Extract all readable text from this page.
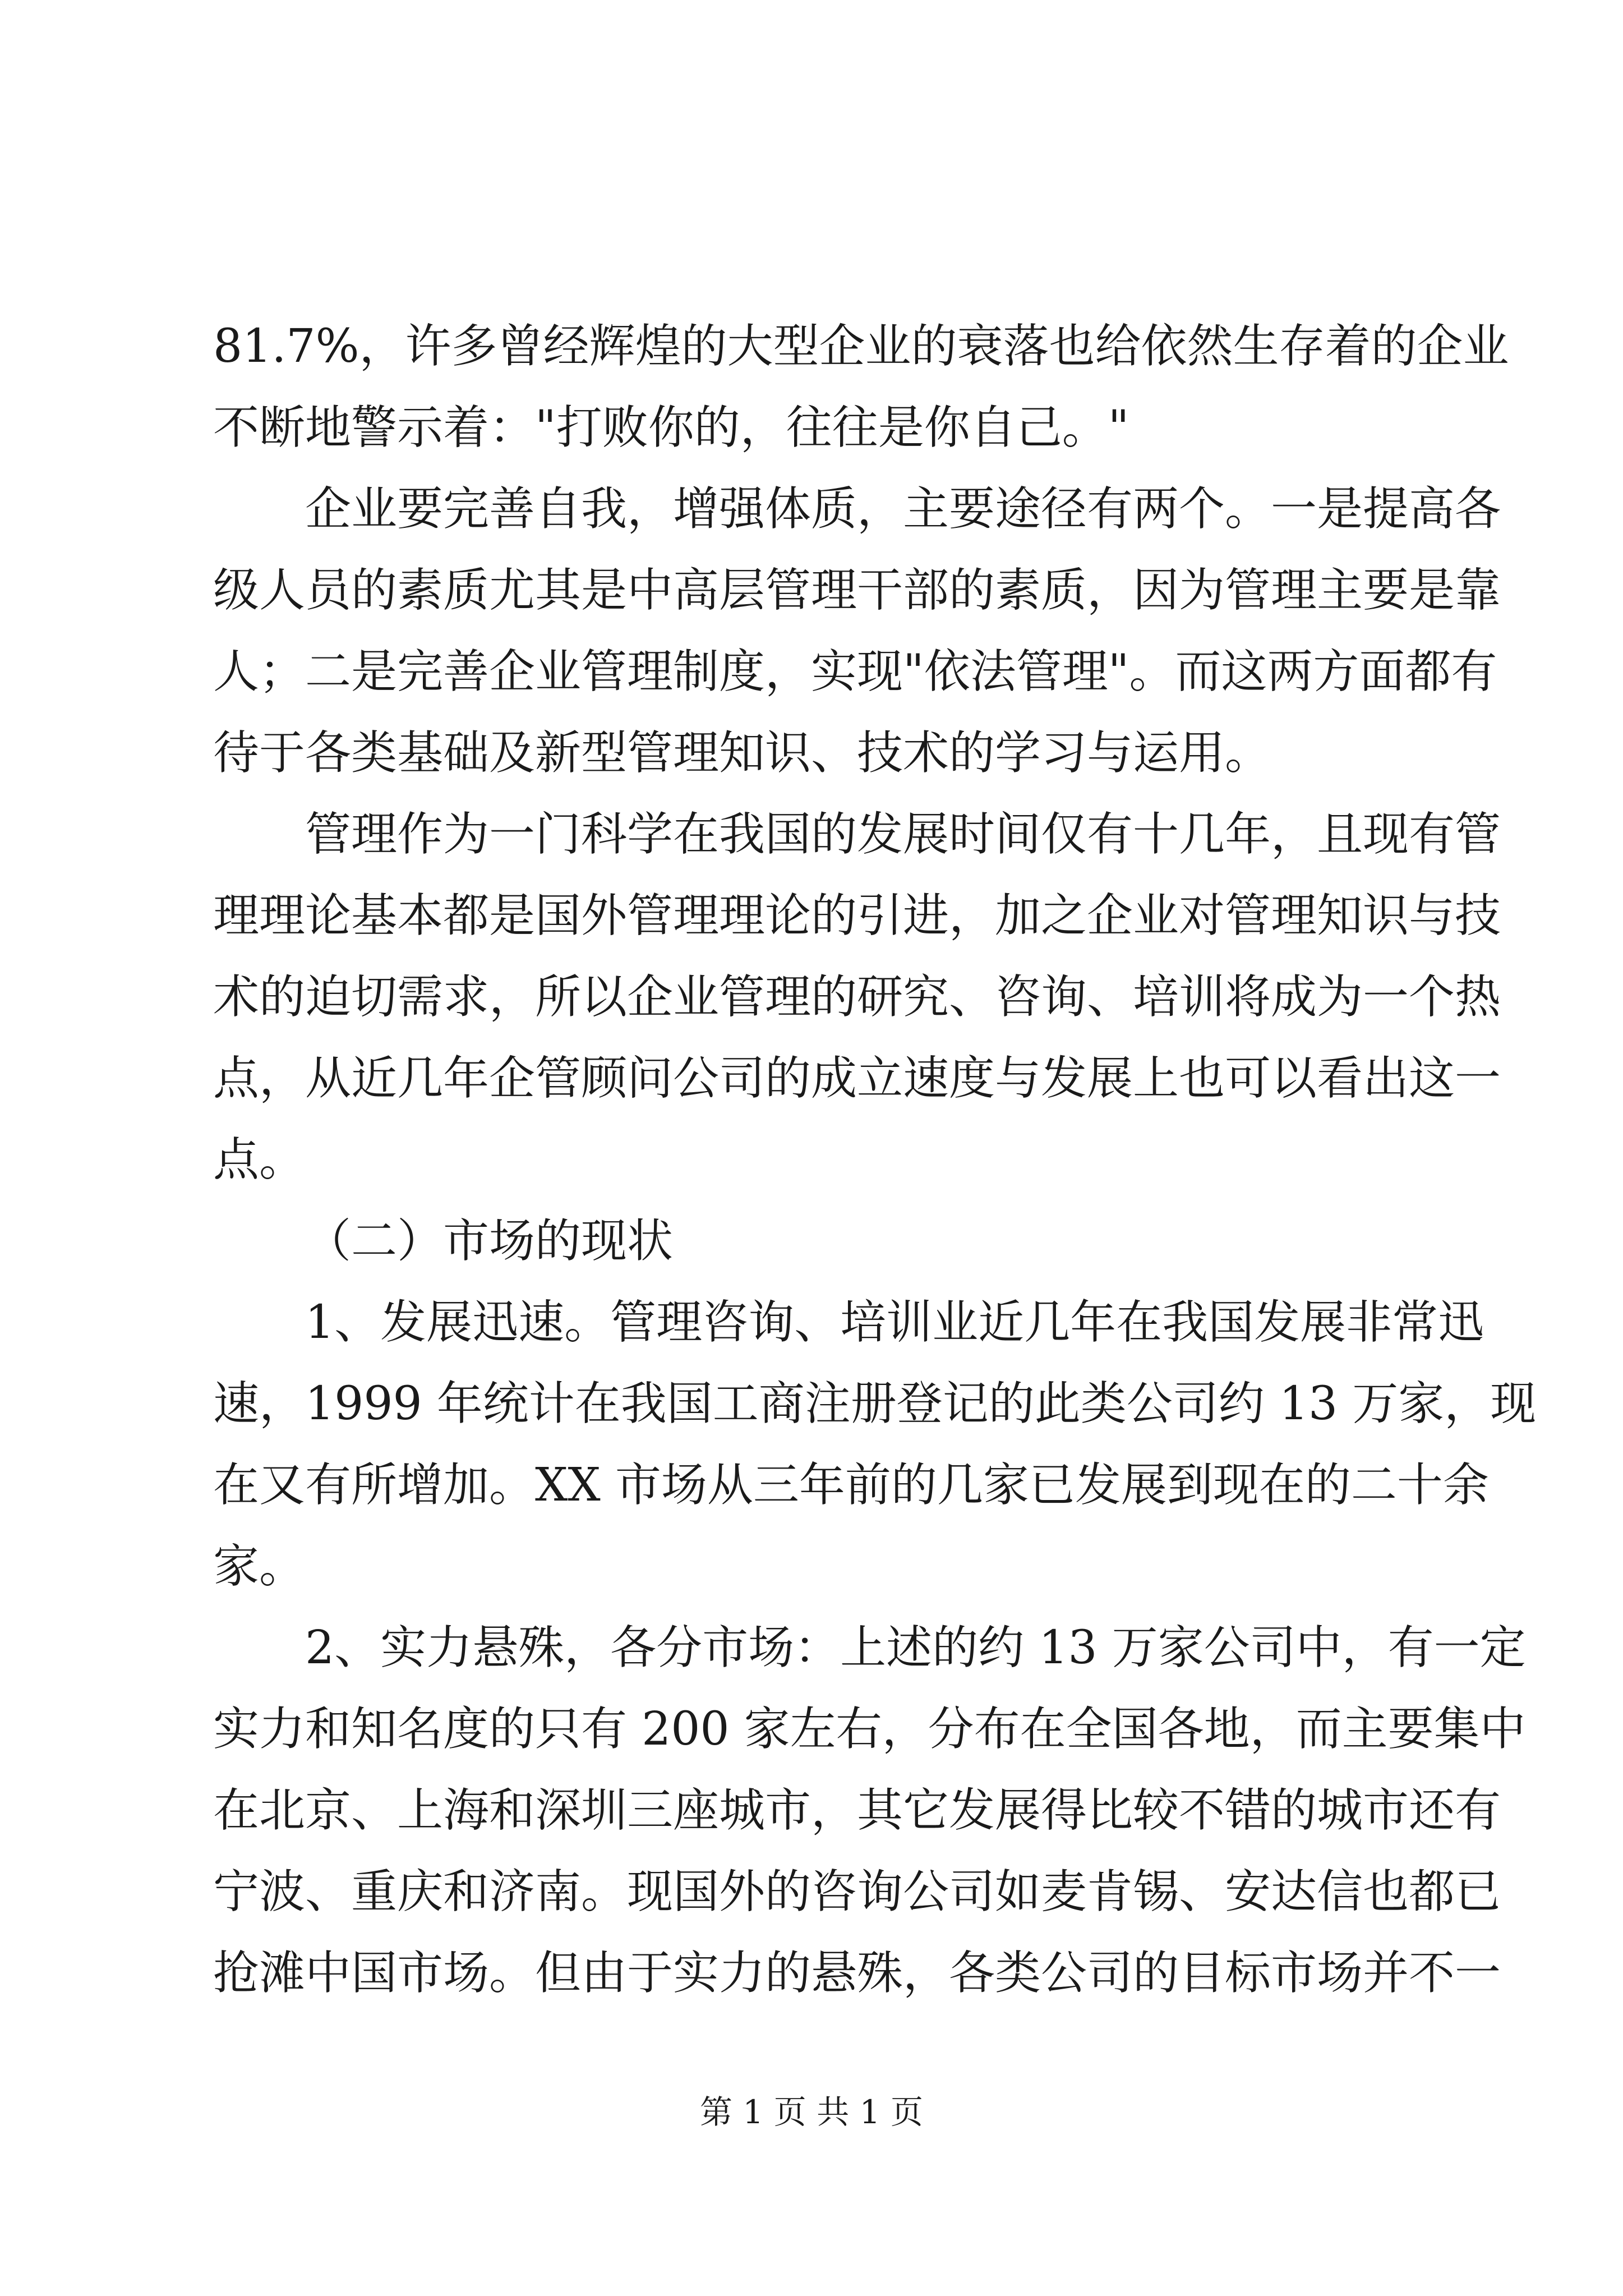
81.7%，许多曾经辉煌的大型企业的衰落也给依然生存着的企业

不断地警示着："打败你的，往往是你自己。"

企业要完善自我，增强体质，主要途径有两个。一是提高各

级人员的素质尤其是中高层管理干部的素质，因为管理主要是靠

人；二是完善企业管理制度，实现"依法管理"。而这两方面都有

待于各类基础及新型管理知识、技术的学习与运用。

管理作为一门科学在我国的发展时间仅有十几年，且现有管

理理论基本都是国外管理理论的引进，加之企业对管理知识与技

术的迫切需求，所以企业管理的研究、咨询、培训将成为一个热

点，从近几年企管顾问公司的成立速度与发展上也可以看出这一

点。

（二）市场的现状

1、发展迅速。管理咨询、培训业近几年在我国发展非常迅

速，1999 年统计在我国工商注册登记的此类公司约 13 万家，现

在又有所增加。XX 市场从三年前的几家已发展到现在的二十余

家。

2、实力悬殊，各分市场：上述的约 13 万家公司中，有一定

实力和知名度的只有 200 家左右，分布在全国各地，而主要集中

在北京、上海和深圳三座城市，其它发展得比较不错的城市还有

宁波、重庆和济南。现国外的咨询公司如麦肯锡、安达信也都已

抢滩中国市场。但由于实力的悬殊，各类公司的目标市场并不一

第 1 页 共 1 页
